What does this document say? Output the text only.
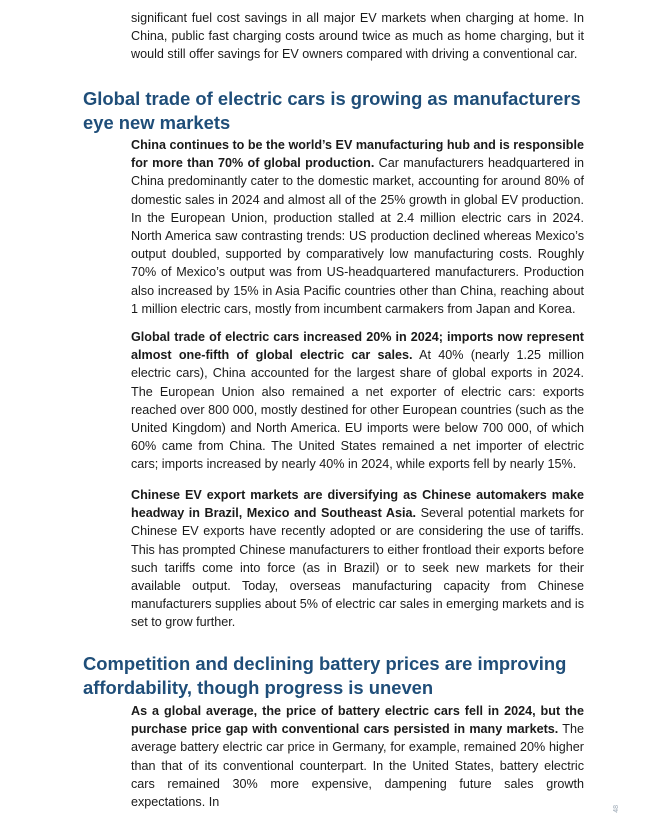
significant fuel cost savings in all major EV markets when charging at home. In China, public fast charging costs around twice as much as home charging, but it would still offer savings for EV owners compared with driving a conventional car.

Global trade of electric cars is growing as manufacturers eye new markets

China continues to be the world’s EV manufacturing hub and is responsible for more than 70% of global production. Car manufacturers headquartered in China predominantly cater to the domestic market, accounting for around 80% of domestic sales in 2024 and almost all of the 25% growth in global EV production. In the European Union, production stalled at 2.4 million electric cars in 2024. North America saw contrasting trends: US production declined whereas Mexico’s output doubled, supported by comparatively low manufacturing costs. Roughly 70% of Mexico’s output was from US-headquartered manufacturers. Production also increased by 15% in Asia Pacific countries other than China, reaching about 1 million electric cars, mostly from incumbent carmakers from Japan and Korea.

Global trade of electric cars increased 20% in 2024; imports now represent almost one-fifth of global electric car sales. At 40% (nearly 1.25 million electric cars), China accounted for the largest share of global exports in 2024. The European Union also remained a net exporter of electric cars: exports reached over 800 000, mostly destined for other European countries (such as the United Kingdom) and North America. EU imports were below 700 000, of which 60% came from China. The United States remained a net importer of electric cars; imports increased by nearly 40% in 2024, while exports fell by nearly 15%.

Chinese EV export markets are diversifying as Chinese automakers make headway in Brazil, Mexico and Southeast Asia. Several potential markets for Chinese EV exports have recently adopted or are considering the use of tariffs. This has prompted Chinese manufacturers to either frontload their exports before such tariffs come into force (as in Brazil) or to seek new markets for their available output. Today, overseas manufacturing capacity from Chinese manufacturers supplies about 5% of electric car sales in emerging markets and is set to grow further.

Competition and declining battery prices are improving affordability, though progress is uneven

As a global average, the price of battery electric cars fell in 2024, but the purchase price gap with conventional cars persisted in many markets. The average battery electric car price in Germany, for example, remained 20% higher than that of its conventional counterpart. In the United States, battery electric cars remained 30% more expensive, dampening future sales growth expectations. In	48
